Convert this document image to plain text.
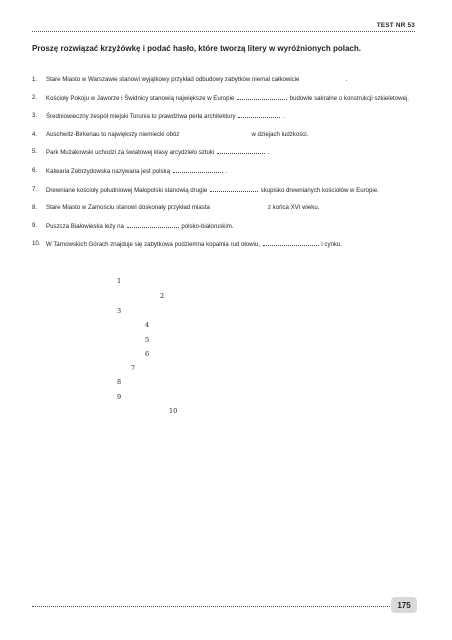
TEST NR 53
Proszę rozwiązać krzyżówkę i podać hasło, które tworzą litery w wyróżnionych polach.
1.	Stare Miasto w Warszawie stanowi wyjątkowy przykład odbudowy zabytków niemal całkowicie	.
2.	Kościoły Pokoju w Jaworze i Świdnicy stanowią największe w Europie	budowle sakralne o konstrukcji szkieletowej.
3.	Średniowieczny zespół miejski Torunia to prawdziwa perła architektury	.
4.	Auschwitz-Birkenau to największy niemiecki obóz	w dziejach ludzkości.
5.	Park Mużakowski uchodzi za światowej klasy arcydzieło sztuki	.
6.	Kalwaria Zebrzydowska nazywana jest polską	.
7.	Drewniane kościoły południowej Małopolski stanowią drugie	skupisko drewnianych kościołów w Europie.
8.	Stare Miasto w Zamościu stanowi doskonały przykład miasta	z końca XVI wieku.
9.	Puszcza Białowieska leży na	polsko-białoruskim.
10. W Tarnowskich Górach znajduje się zabytkowa podziemna kopalnia rud ołowiu,	i cynku.
1
2
3
4
5
6
7
8
9
10
175
